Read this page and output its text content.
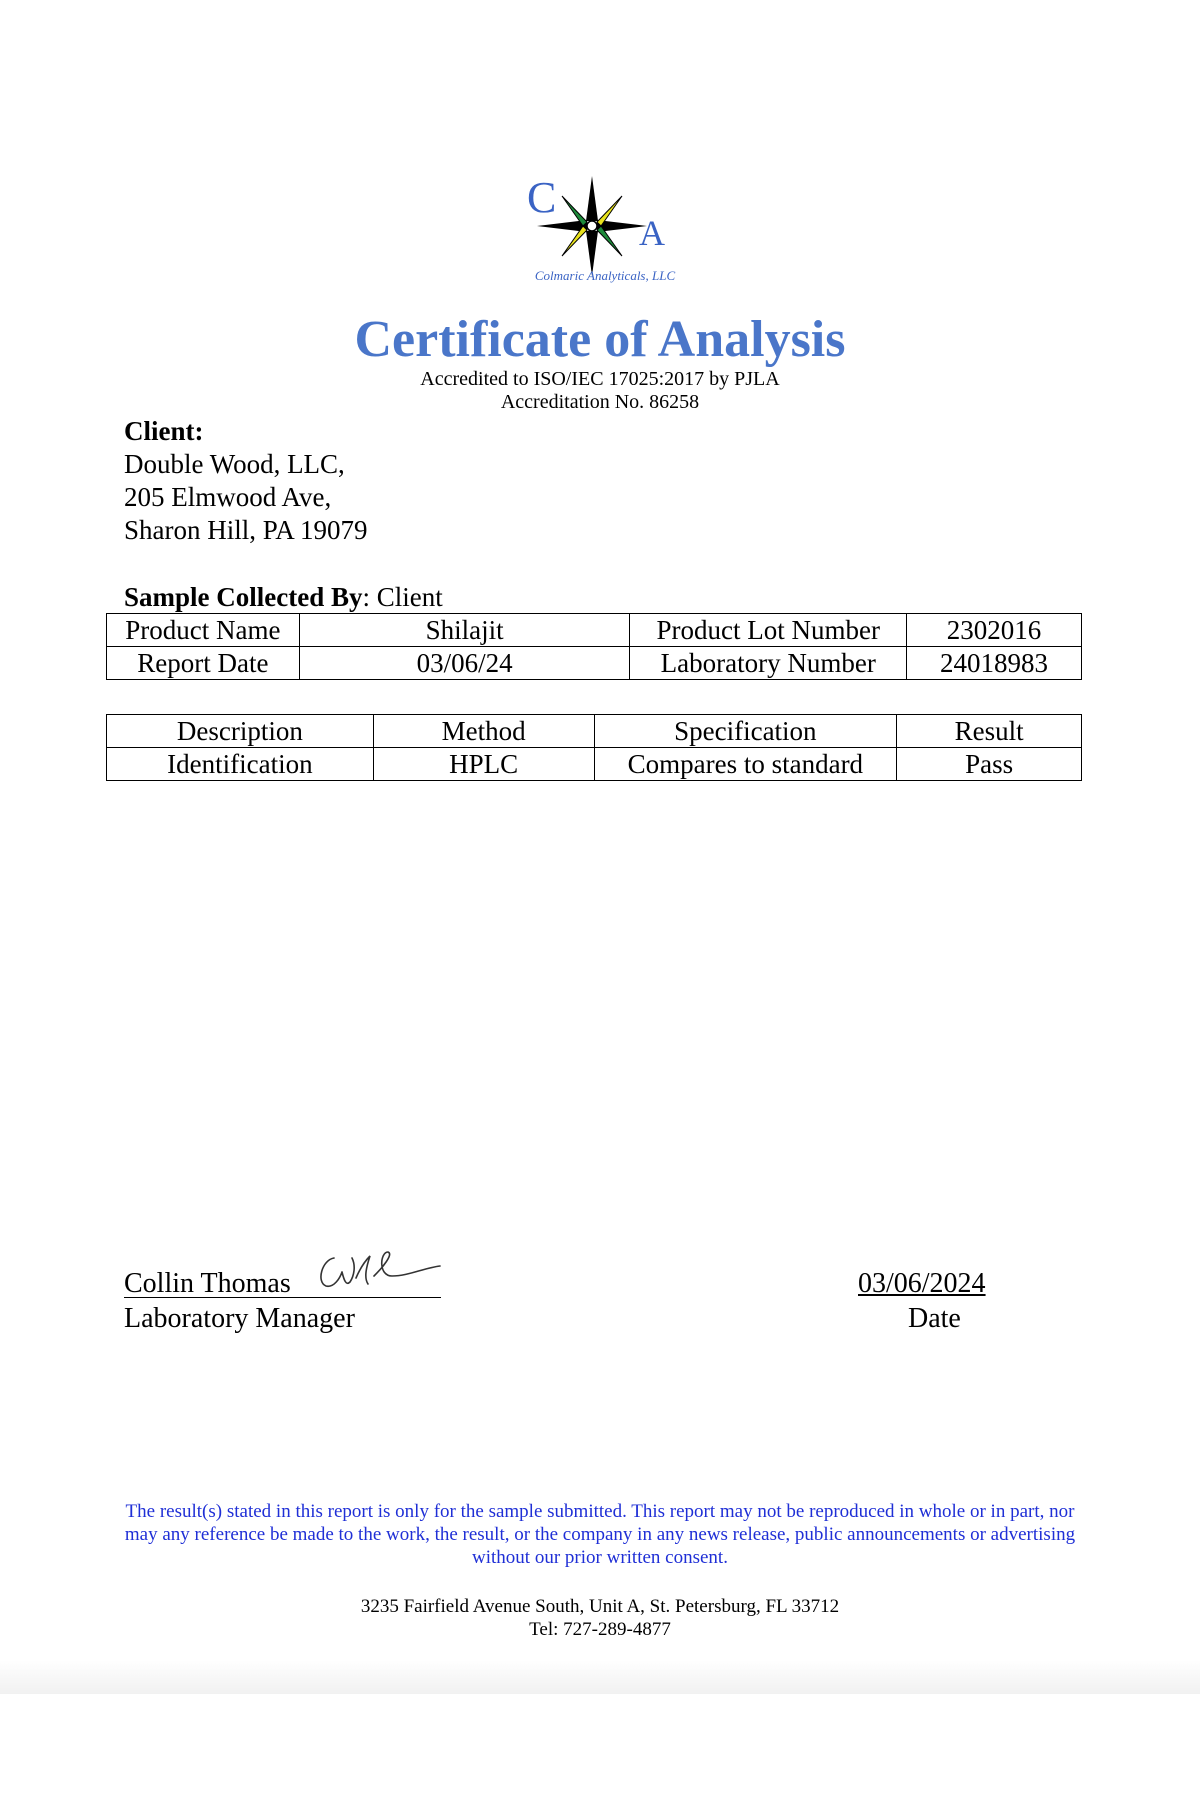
C
A
Colmaric Analyticals, LLC
Certificate of Analysis
Accredited to ISO/IEC 17025:2017 by PJLA
Accreditation No. 86258
Client:
Double Wood, LLC,
205 Elmwood Ave,
Sharon Hill, PA 19079
Sample Collected By: Client
Product Name	Shilajit	Product Lot Number	2302016
Report Date	03/06/24	Laboratory Number	24018983
Description	Method	Specification	Result
Identification	HPLC	Compares to standard	Pass
Collin Thomas
Laboratory Manager
03/06/2024
Date
The result(s) stated in this report is only for the sample submitted. This report may not be reproduced in whole or in part, nor may any reference be made to the work, the result, or the company in any news release, public announcements or advertising without our prior written consent.
3235 Fairfield Avenue South, Unit A, St. Petersburg, FL 33712
Tel: 727-289-4877
